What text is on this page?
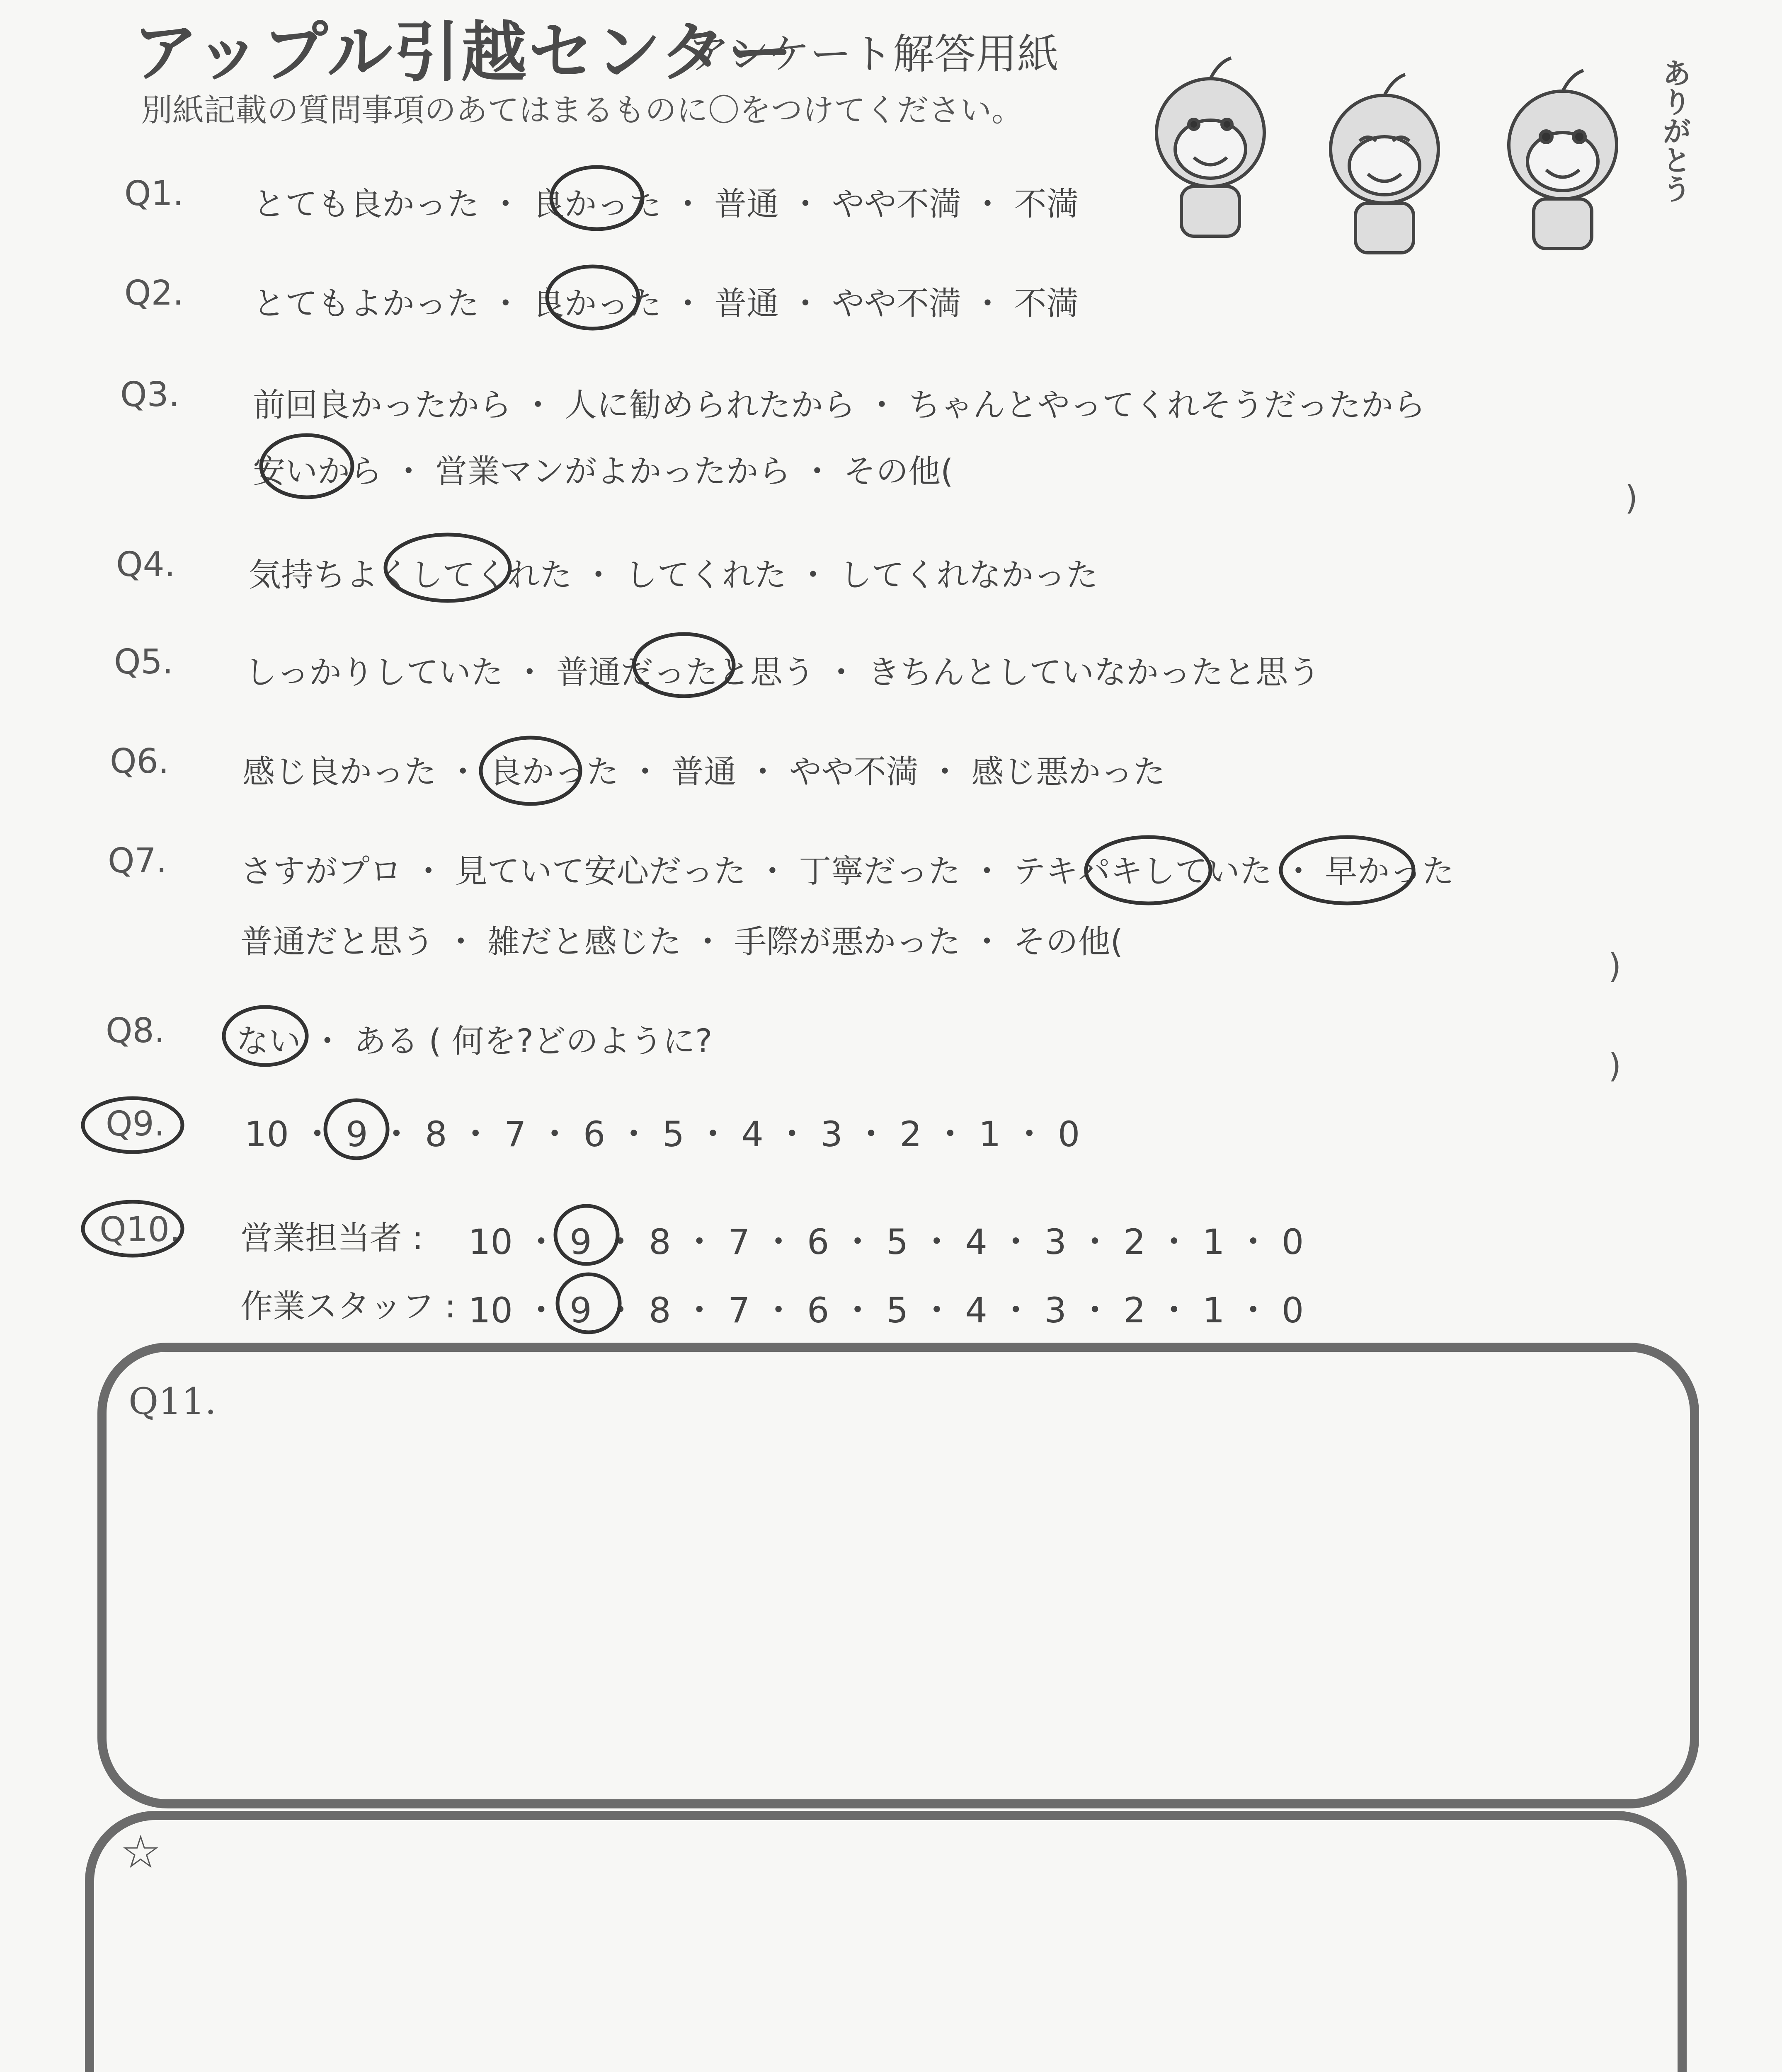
アップル引越センター
アンケート解答用紙
別紙記載の質問事項のあてはまるものに〇をつけてください。	ありがとう
Q1. とても良かった ・ 良かった ・ 普通 ・ やや不満 ・ 不満
Q2. とてもよかった ・ 良かった ・ 普通 ・ やや不満 ・ 不満
Q3. 前回良かったから ・ 人に勧められたから ・ ちゃんとやってくれそうだったから
安いから ・ 営業マンがよかったから ・ その他(
)
Q4. 気持ちよくしてくれた ・ してくれた ・ してくれなかった
Q5. しっかりしていた ・ 普通だったと思う ・ きちんとしていなかったと思う
Q6. 感じ良かった ・ 良かった ・ 普通 ・ やや不満 ・ 感じ悪かった
Q7. さすがプロ ・ 見ていて安心だった ・ 丁寧だった ・ テキパキしていた ・ 早かった
普通だと思う ・ 雑だと感じた ・ 手際が悪かった ・ その他(
)
Q8. ない ・ ある ( 何を?どのように?
)
Q9. 10 ・ 9 ・ 8 ・ 7 ・ 6 ・ 5 ・ 4 ・ 3 ・ 2 ・ 1 ・ 0
Q10. 営業担当者 : 10 ・ 9 ・ 8 ・ 7 ・ 6 ・ 5 ・ 4 ・ 3 ・ 2 ・ 1 ・ 0
作業スタッフ : 10 ・ 9 ・ 8 ・ 7 ・ 6 ・ 5 ・ 4 ・ 3 ・ 2 ・ 1 ・ 0
Q11.
☆
